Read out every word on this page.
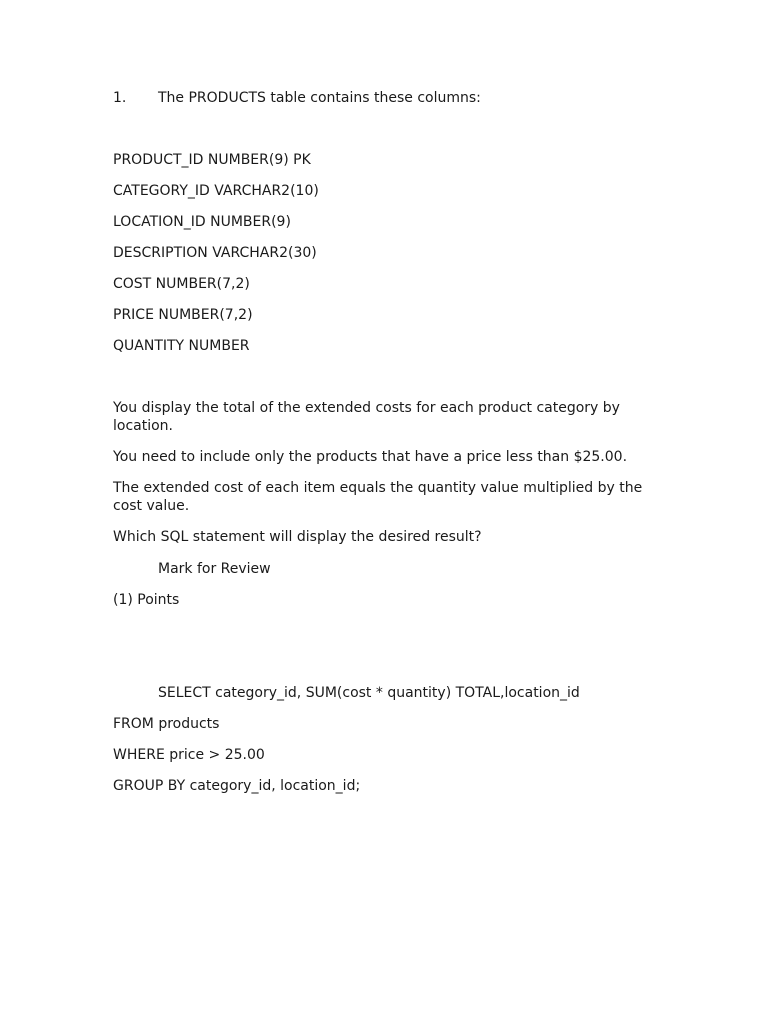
1. The PRODUCTS table contains these columns:
PRODUCT_ID NUMBER(9) PK
CATEGORY_ID VARCHAR2(10)
LOCATION_ID NUMBER(9)
DESCRIPTION VARCHAR2(30)
COST NUMBER(7,2)
PRICE NUMBER(7,2)
QUANTITY NUMBER
You display the total of the extended costs for each product category by location.
You need to include only the products that have a price less than $25.00.
The extended cost of each item equals the quantity value multiplied by the cost value.
Which SQL statement will display the desired result?
Mark for Review
(1) Points
SELECT category_id, SUM(cost * quantity) TOTAL,location_id
FROM products
WHERE price > 25.00
GROUP BY category_id, location_id;
